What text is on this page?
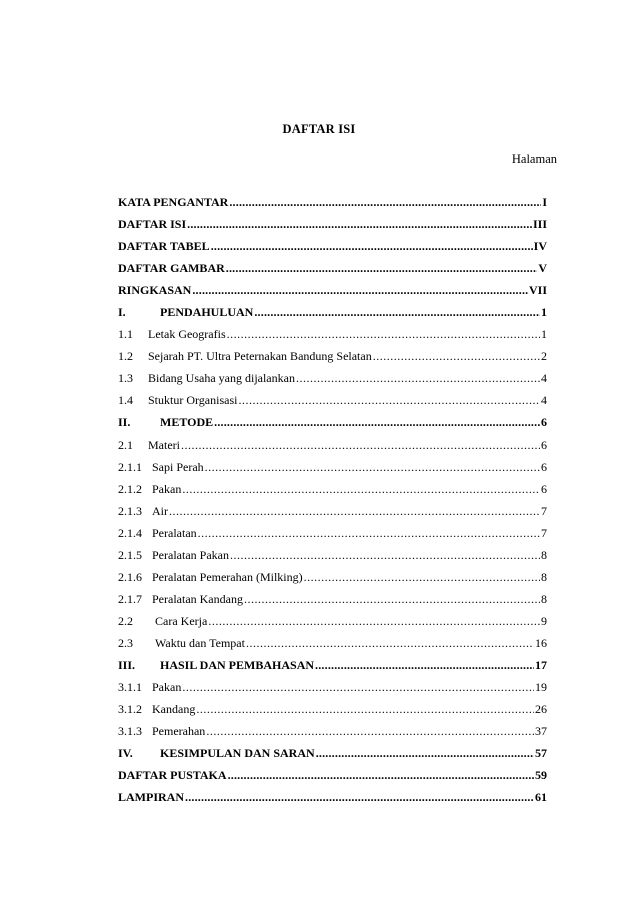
DAFTAR ISI
Halaman
KATA PENGANTAR .....	I
DAFTAR ISI .....	III
DAFTAR TABEL .....	IV
DAFTAR GAMBAR .....	V
RINGKASAN .....	VII
I.	PENDAHULUAN .....	1
1.1	Letak Geografis .....	1
1.2	Sejarah PT. Ultra Peternakan Bandung Selatan .....	2
1.3	Bidang Usaha yang dijalankan .....	4
1.4	Stuktur Organisasi .....	4
II.	METODE .....	6
2.1	Materi .....	6
2.1.1 Sapi Perah .....	6
2.1.2 Pakan .....	6
2.1.3 Air .....	7
2.1.4 Peralatan .....	7
2.1.5 Peralatan Pakan .....	8
2.1.6 Peralatan Pemerahan (Milking) .....	8
2.1.7 Peralatan Kandang .....	8
2.2	Cara Kerja .....	9
2.3	Waktu dan Tempat .....	16
III.	HASIL DAN PEMBAHASAN .....	17
3.1.1 Pakan .....	19
3.1.2 Kandang .....	26
3.1.3 Pemerahan .....	37
IV.	KESIMPULAN DAN SARAN .....	57
DAFTAR PUSTAKA .....	59
LAMPIRAN .....	61
